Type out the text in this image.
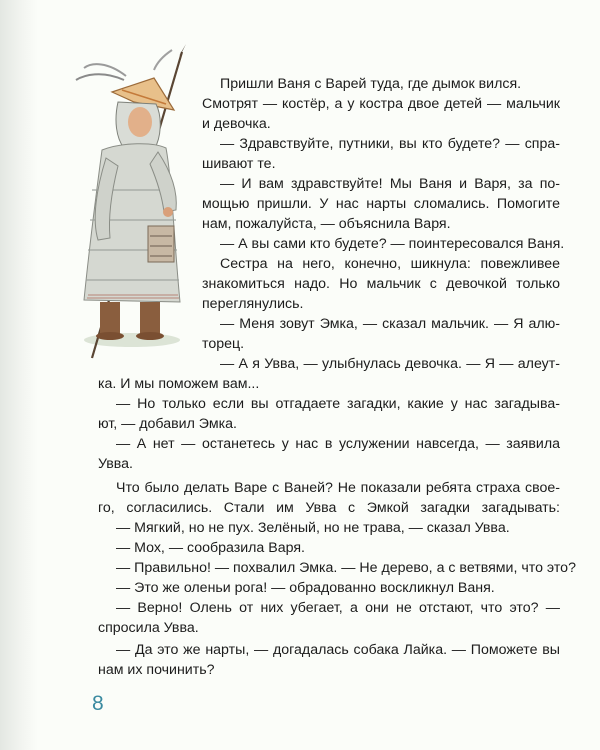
Пришли Ваня с Варей туда, где дымок вился.
Смотрят — костёр, а у костра двое детей — мальчик
и девочка.
— Здравствуйте, путники, вы кто будете? — спра-
шивают те.
— И вам здравствуйте! Мы Ваня и Варя, за по-
мощью пришли. У нас нарты сломались. Помогите
нам, пожалуйста, — объяснила Варя.
— А вы сами кто будете? — поинтересовался Ваня.
Сестра на него, конечно, шикнула: повежливее
знакомиться надо. Но мальчик с девочкой только
переглянулись.
— Меня зовут Эмка, — сказал мальчик. — Я алю-
торец.
— А я Увва, — улыбнулась девочка. — Я — алеут-
ка. И мы поможем вам...
— Но только если вы отгадаете загадки, какие у нас загадыва-
ют, — добавил Эмка.
— А нет — останетесь у нас в услужении навсегда, — заявила
Увва.
Что было делать Варе с Ваней? Не показали ребята страха свое-
го, согласились. Стали им Увва с Эмкой загадки загадывать:
— Мягкий, но не пух. Зелёный, но не трава, — сказал Увва.
— Мох, — сообразила Варя.
— Правильно! — похвалил Эмка. — Не дерево, а с ветвями, что это?
— Это же оленьи рога! — обрадованно воскликнул Ваня.
— Верно! Олень от них убегает, а они не отстают, что это? —
спросила Увва.
— Да это же нарты, — догадалась собака Лайка. — Поможете вы
нам их починить?
8
